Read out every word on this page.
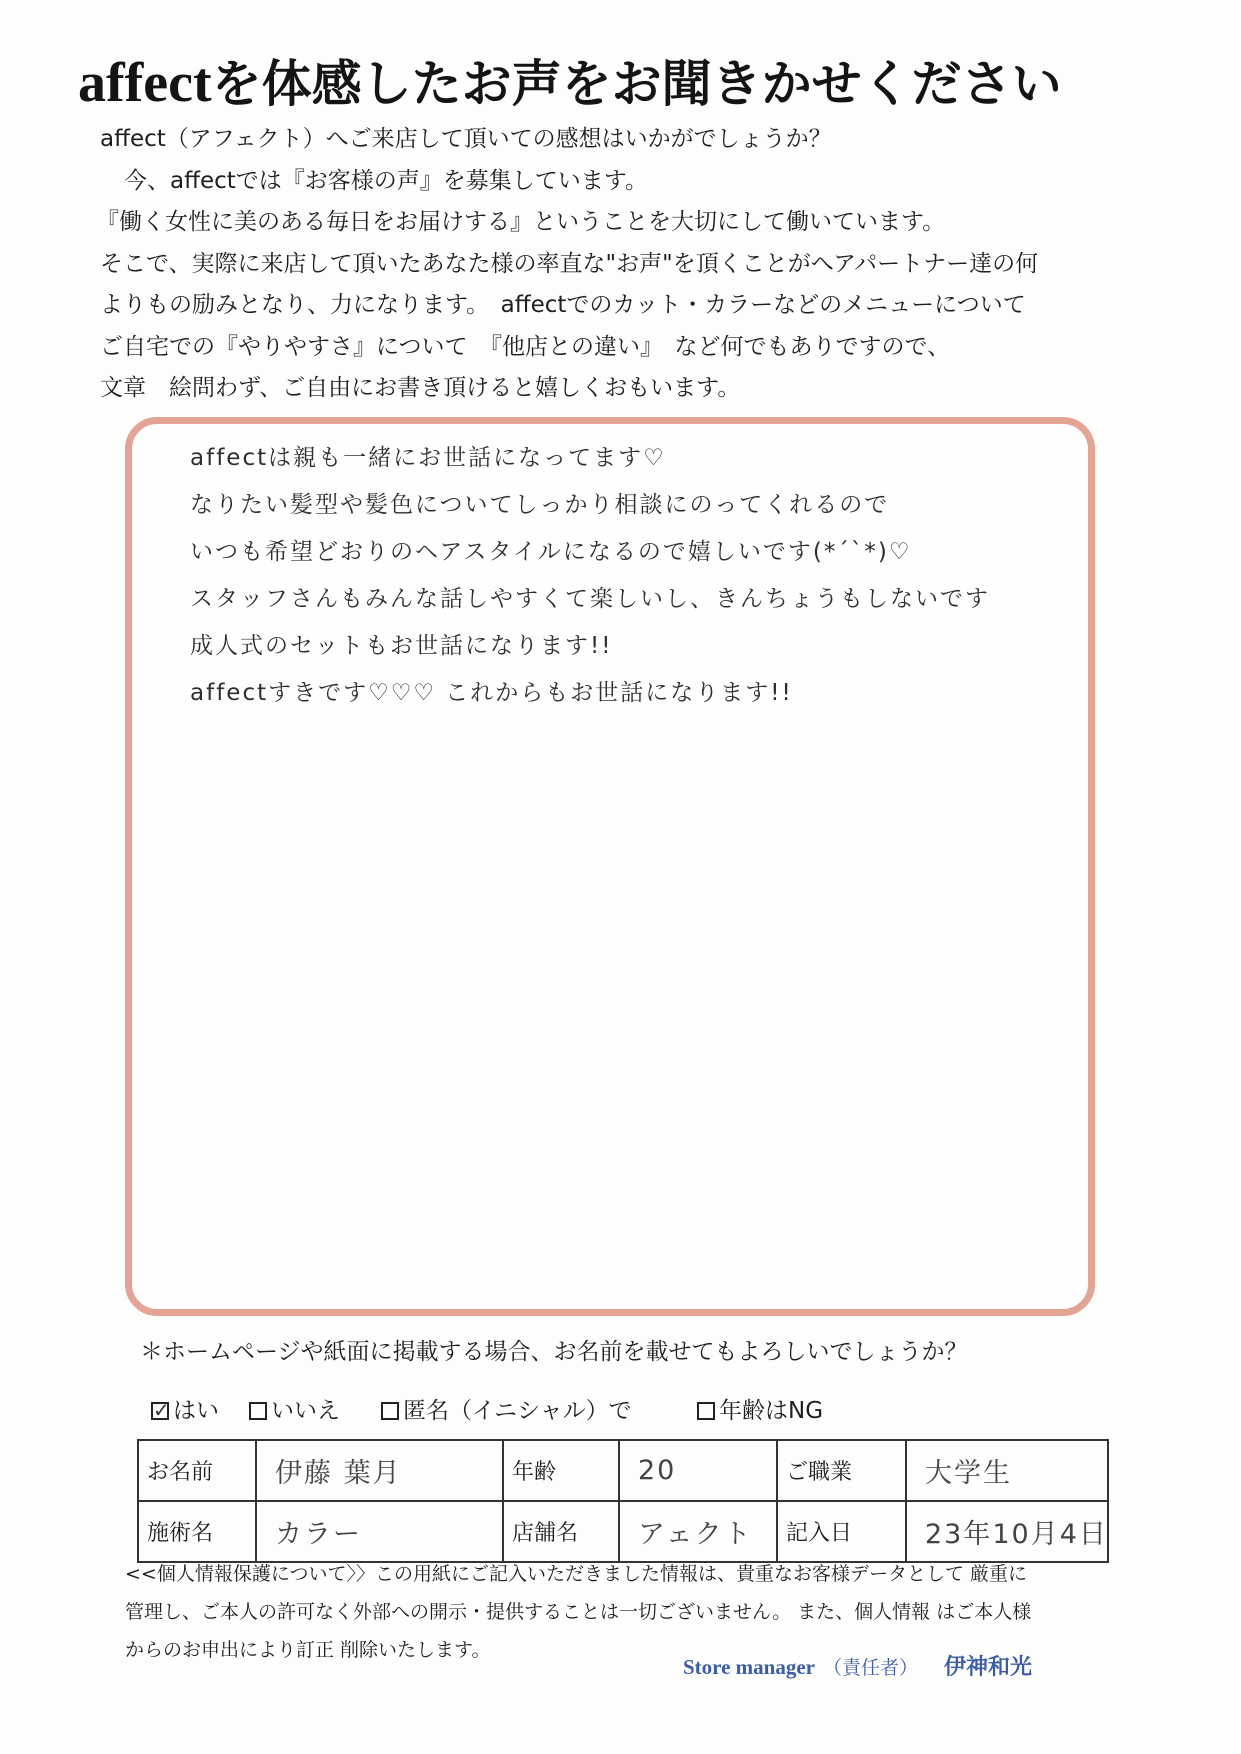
affectを体感したお声をお聞きかせください
affect（アフェクト）へご来店して頂いての感想はいかがでしょうか？
今、affectでは『お客様の声』を募集しています。
『働く女性に美のある毎日をお届けする』ということを大切にして働いています。
そこで、実際に来店して頂いたあなた様の率直な"お声"を頂くことがへアパートナー達の何
よりもの励みとなり、力になります。　affectでのカット・カラーなどのメニューについて
ご自宅での『やりやすさ』について　『他店との違い』　など何でもありですので、
文章　絵問わず、ご自由にお書き頂けると嬉しくおもいます。
affectは親も一緒にお世話になってます♡
なりたい髪型や髪色についてしっかり相談にのってくれるので
いつも希望どおりのヘアスタイルになるので嬉しいです(*´`*)♡
スタッフさんもみんな話しやすくて楽しいし、きんちょうもしないです
成人式のセットもお世話になります!!
affectすきです♡♡♡ これからもお世話になります!!
＊ホームページや紙面に掲載する場合、お名前を載せてもよろしいでしょうか？
✓
はい いいえ	匿名（イニシャル）で	年齢はNG
お名前	伊藤 葉月	年齢	20	ご職業	大学生
施術名	カラー	店舗名	アェクト	記入日	23年10月4日
<<個人情報保護について〉〉この用紙にご記入いただきました情報は、貴重なお客様データとして 厳重に
管理し、ご本人の許可なく外部への開示・提供することは一切ございません。 また、個人情報 はご本人様
からのお申出により訂正 削除いたします。
Store manager （責任者） 伊神和光
